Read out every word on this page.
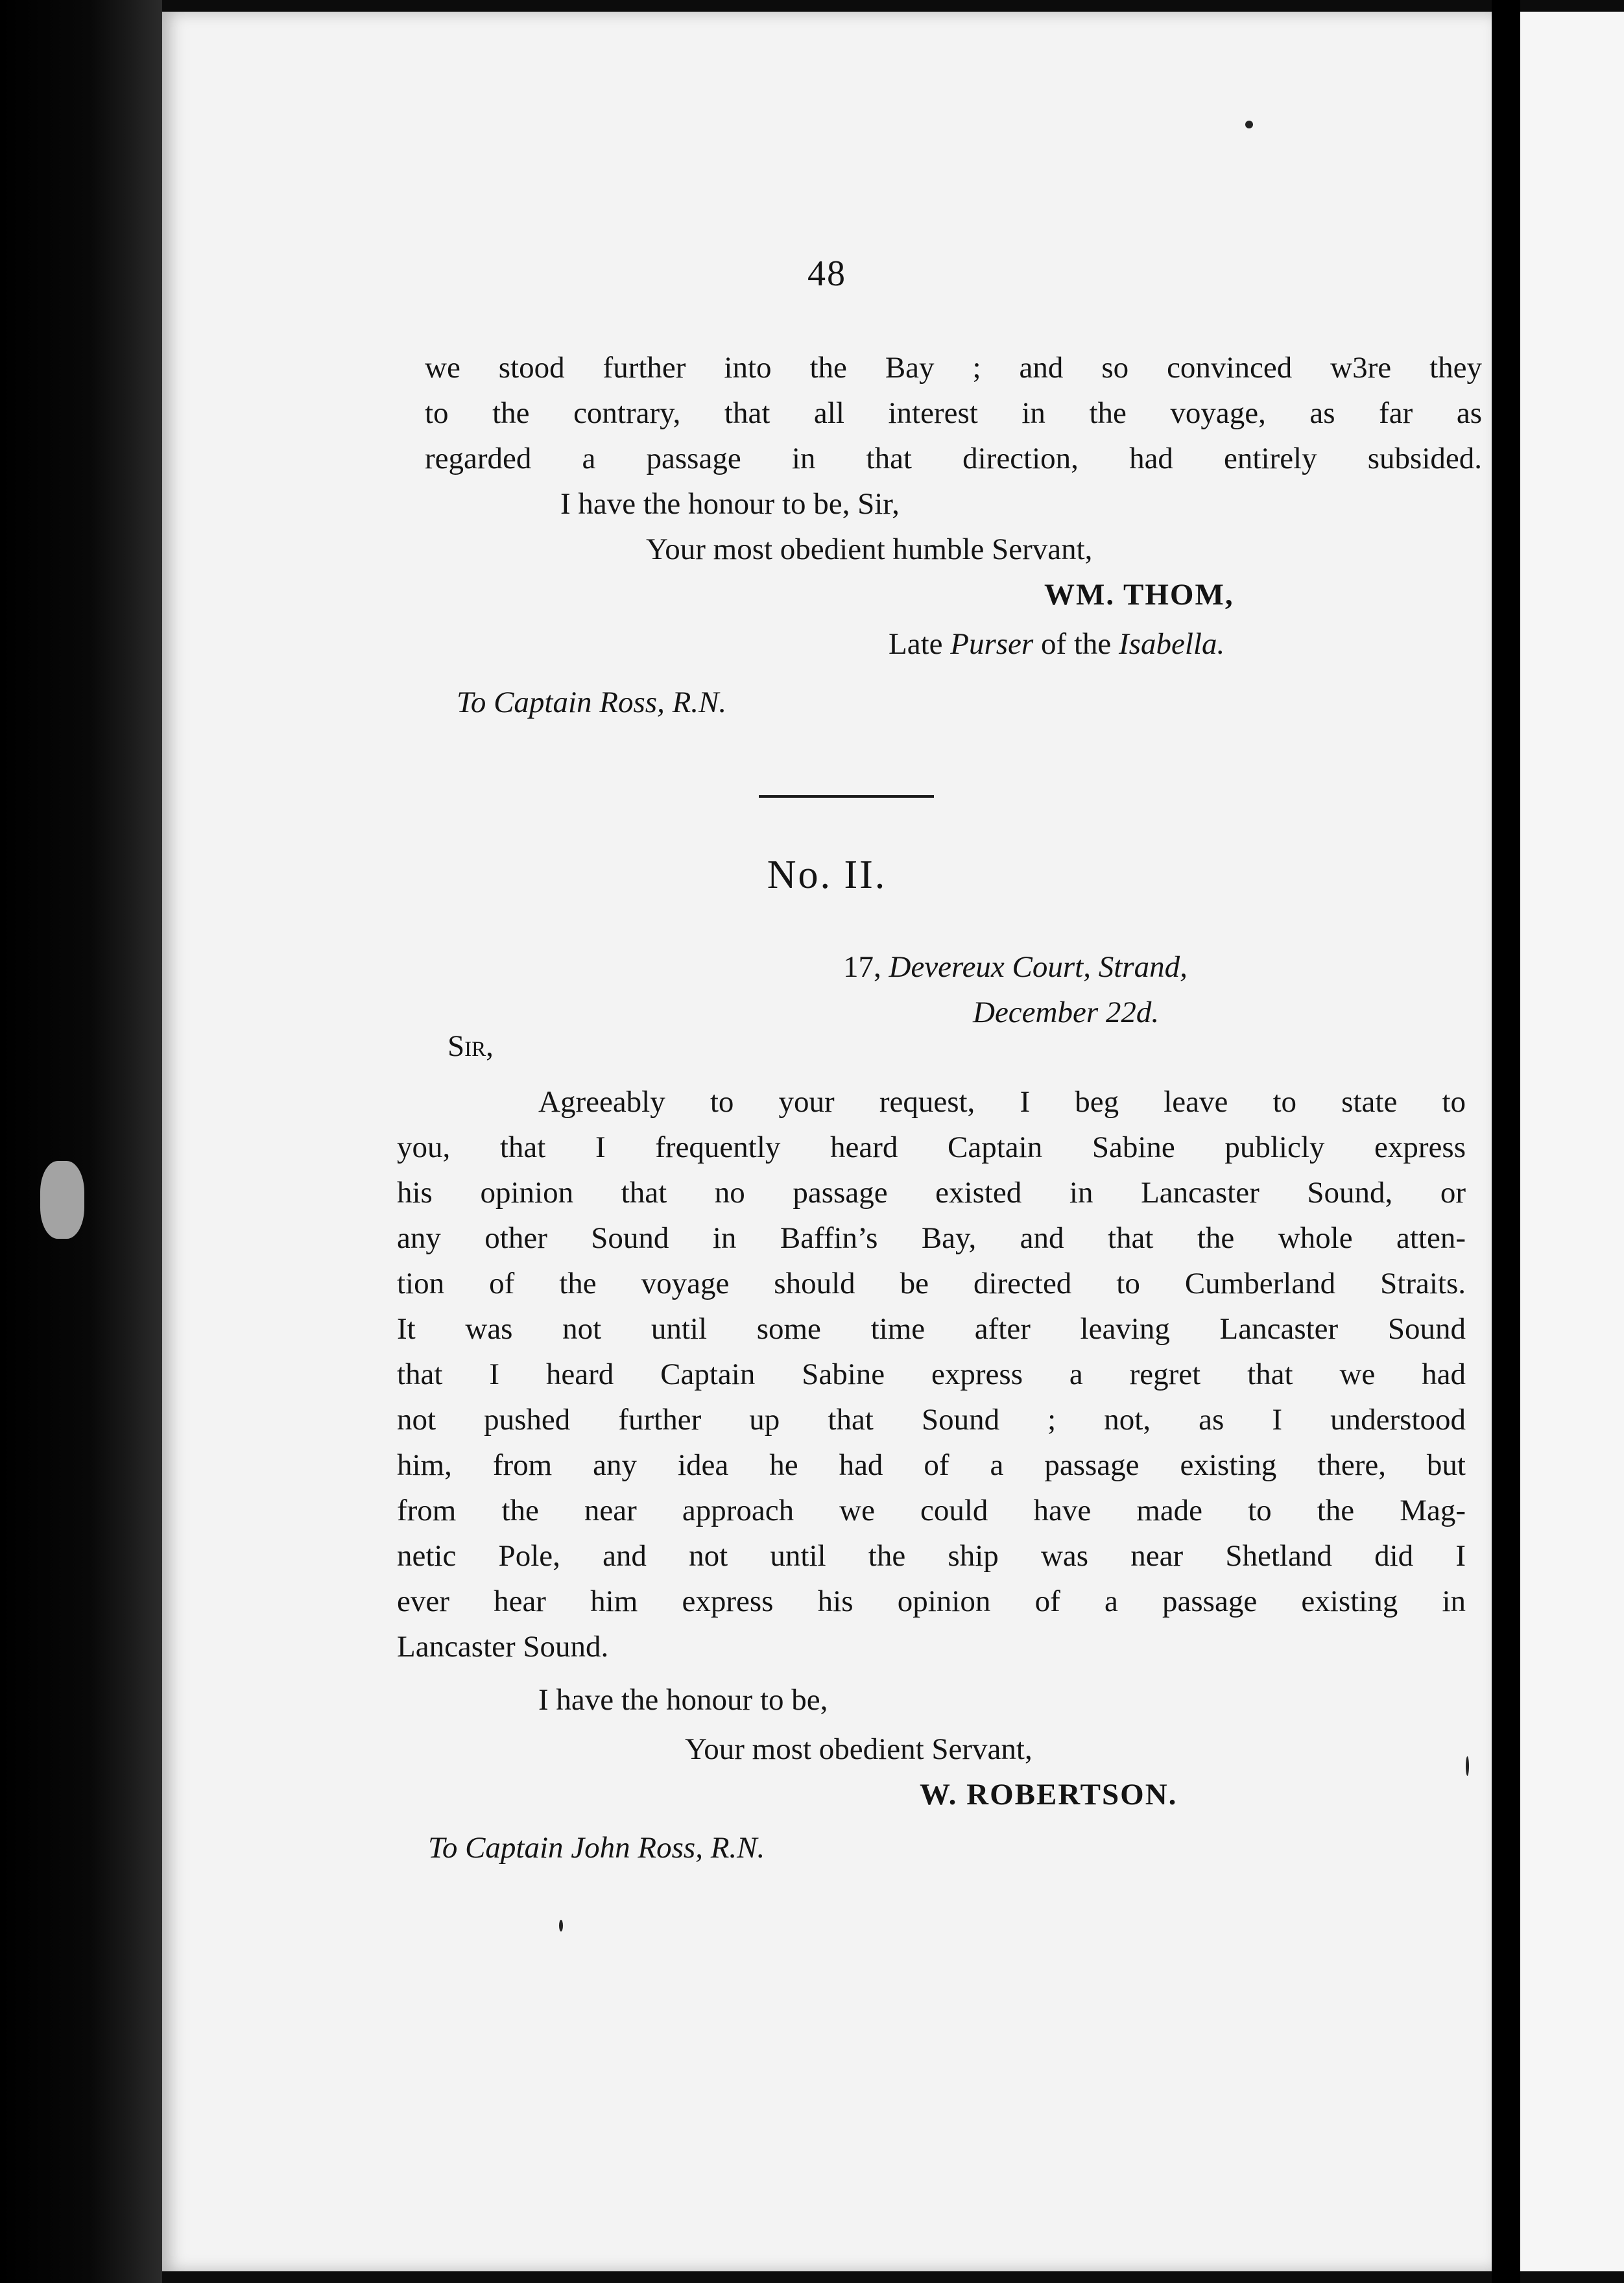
48
we stood further into the Bay ; and so convinced w3re they
to the contrary, that all interest in the voyage, as far as
regarded a passage in that direction, had entirely subsided.
I have the honour to be, Sir,
Your most obedient humble Servant,
WM. THOM,
Late Purser of the Isabella.
To Captain Ross, R.N.
No. II.
17, Devereux Court, Strand,
December 22d.
Sir,
Agreeably to your request, I beg leave to state to
you, that I frequently heard Captain Sabine publicly express
his opinion that no passage existed in Lancaster Sound, or
any other Sound in Baffin’s Bay, and that the whole atten-
tion of the voyage should be directed to Cumberland Straits.
It was not until some time after leaving Lancaster Sound
that I heard Captain Sabine express a regret that we had
not pushed further up that Sound ; not, as I understood
him, from any idea he had of a passage existing there, but
from the near approach we could have made to the Mag-
netic Pole, and not until the ship was near Shetland did I
ever hear him express his opinion of a passage existing in
Lancaster Sound.
I have the honour to be,
Your most obedient Servant,
W. ROBERTSON.
To Captain John Ross, R.N.
